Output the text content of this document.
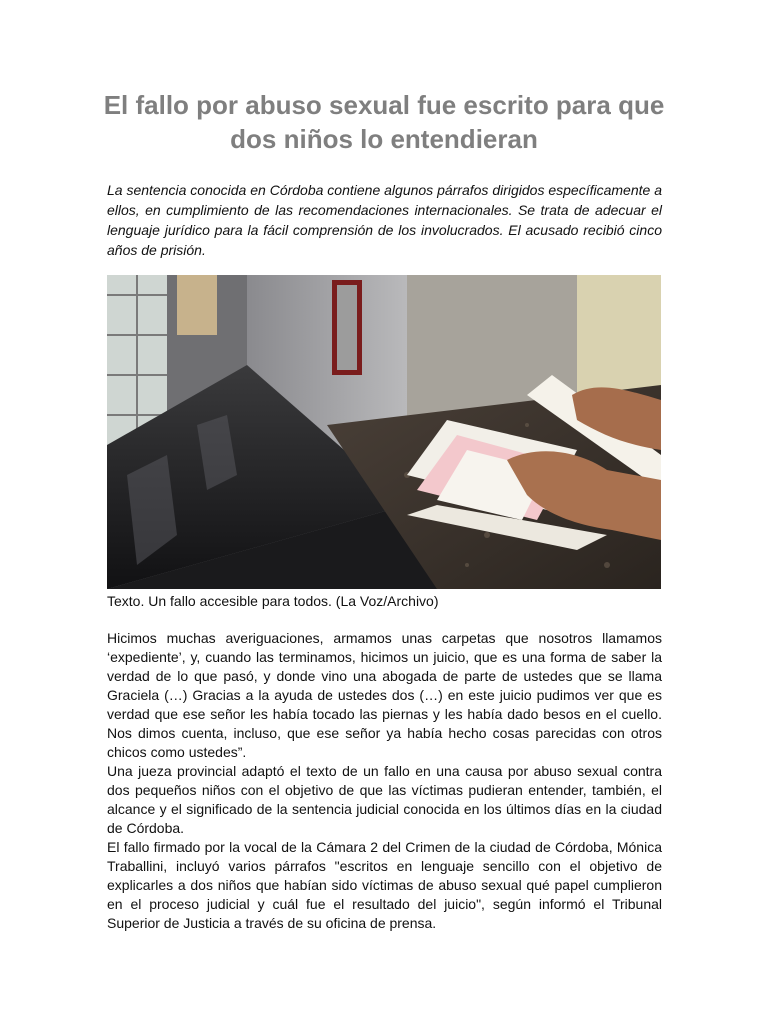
El fallo por abuso sexual fue escrito para que dos niños lo entendieran

La sentencia conocida en Córdoba contiene algunos párrafos dirigidos específicamente a ellos, en cumplimiento de las recomendaciones internacionales. Se trata de adecuar el lenguaje jurídico para la fácil comprensión de los involucrados. El acusado recibió cinco años de prisión.

Texto. Un fallo accesible para todos. (La Voz/Archivo)

Hicimos muchas averiguaciones, armamos unas carpetas que nosotros llamamos ‘expediente’, y, cuando las terminamos, hicimos un juicio, que es una forma de saber la verdad de lo que pasó, y donde vino una abogada de parte de ustedes que se llama Graciela (…) Gracias a la ayuda de ustedes dos (…) en este juicio pudimos ver que es verdad que ese señor les había tocado las piernas y les había dado besos en el cuello. Nos dimos cuenta, incluso, que ese señor ya había hecho cosas parecidas con otros chicos como ustedes”.

Una jueza provincial adaptó el texto de un fallo en una causa por abuso sexual contra dos pequeños niños con el objetivo de que las víctimas pudieran entender, también, el alcance y el significado de la sentencia judicial conocida en los últimos días en la ciudad de Córdoba.

El fallo firmado por la vocal de la Cámara 2 del Crimen de la ciudad de Córdoba, Mónica Traballini, incluyó varios párrafos "escritos en lenguaje sencillo con el objetivo de explicarles a dos niños que habían sido víctimas de abuso sexual qué papel cumplieron en el proceso judicial y cuál fue el resultado del juicio", según informó el Tribunal Superior de Justicia a través de su oficina de prensa.
